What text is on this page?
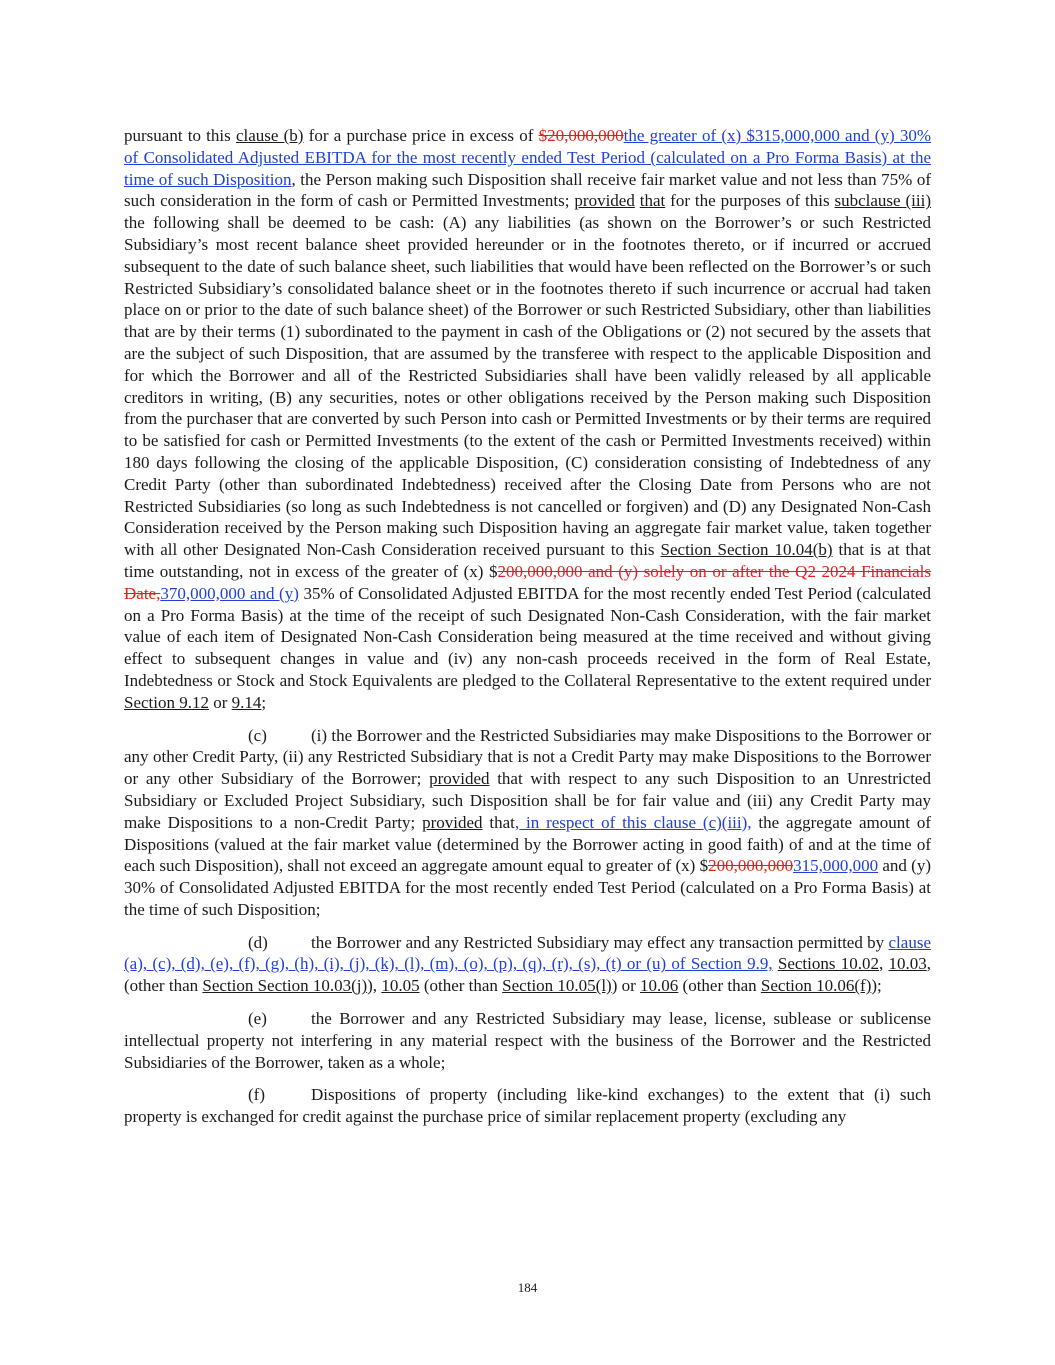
pursuant to this clause (b) for a purchase price in excess of $20,000,000the greater of (x) $315,000,000 and (y) 30% of Consolidated Adjusted EBITDA for the most recently ended Test Period (calculated on a Pro Forma Basis) at the time of such Disposition, the Person making such Disposition shall receive fair market value and not less than 75% of such consideration in the form of cash or Permitted Investments; provided that for the purposes of this subclause (iii) the following shall be deemed to be cash: (A) any liabilities (as shown on the Borrower’s or such Restricted Subsidiary’s most recent balance sheet provided hereunder or in the footnotes thereto, or if incurred or accrued subsequent to the date of such balance sheet, such liabilities that would have been reflected on the Borrower’s or such Restricted Subsidiary’s consolidated balance sheet or in the footnotes thereto if such incurrence or accrual had taken place on or prior to the date of such balance sheet) of the Borrower or such Restricted Subsidiary, other than liabilities that are by their terms (1) subordinated to the payment in cash of the Obligations or (2) not secured by the assets that are the subject of such Disposition, that are assumed by the transferee with respect to the applicable Disposition and for which the Borrower and all of the Restricted Subsidiaries shall have been validly released by all applicable creditors in writing, (B) any securities, notes or other obligations received by the Person making such Disposition from the purchaser that are converted by such Person into cash or Permitted Investments or by their terms are required to be satisfied for cash or Permitted Investments (to the extent of the cash or Permitted Investments received) within 180 days following the closing of the applicable Disposition, (C) consideration consisting of Indebtedness of any Credit Party (other than subordinated Indebtedness) received after the Closing Date from Persons who are not Restricted Subsidiaries (so long as such Indebtedness is not cancelled or forgiven) and (D) any Designated Non-Cash Consideration received by the Person making such Disposition having an aggregate fair market value, taken together with all other Designated Non-Cash Consideration received pursuant to this Section Section 10.04(b) that is at that time outstanding, not in excess of the greater of (x) $200,000,000 and (y) solely on or after the Q2 2024 Financials Date,370,000,000 and (y) 35% of Consolidated Adjusted EBITDA for the most recently ended Test Period (calculated on a Pro Forma Basis) at the time of the receipt of such Designated Non-Cash Consideration, with the fair market value of each item of Designated Non-Cash Consideration being measured at the time received and without giving effect to subsequent changes in value and (iv) any non-cash proceeds received in the form of Real Estate, Indebtedness or Stock and Stock Equivalents are pledged to the Collateral Representative to the extent required under Section 9.12 or 9.14;

(c)	(i) the Borrower and the Restricted Subsidiaries may make Dispositions to the Borrower or any other Credit Party, (ii) any Restricted Subsidiary that is not a Credit Party may make Dispositions to the Borrower or any other Subsidiary of the Borrower; provided that with respect to any such Disposition to an Unrestricted Subsidiary or Excluded Project Subsidiary, such Disposition shall be for fair value and (iii) any Credit Party may make Dispositions to a non-Credit Party; provided that, in respect of this clause (c)(iii), the aggregate amount of Dispositions (valued at the fair market value (determined by the Borrower acting in good faith) of and at the time of each such Disposition), shall not exceed an aggregate amount equal to greater of (x) $200,000,000315,000,000 and (y) 30% of Consolidated Adjusted EBITDA for the most recently ended Test Period (calculated on a Pro Forma Basis) at the time of such Disposition;

(d)	the Borrower and any Restricted Subsidiary may effect any transaction permitted by clause (a), (c), (d), (e), (f), (g), (h), (i), (j), (k), (l), (m), (o), (p), (q), (r), (s), (t) or (u) of Section 9.9, Sections 10.02, 10.03, (other than Section Section 10.03(j)), 10.05 (other than Section 10.05(l)) or 10.06 (other than Section 10.06(f));

(e)	the Borrower and any Restricted Subsidiary may lease, license, sublease or sublicense intellectual property not interfering in any material respect with the business of the Borrower and the Restricted Subsidiaries of the Borrower, taken as a whole;

(f)	Dispositions of property (including like-kind exchanges) to the extent that (i) such property is exchanged for credit against the purchase price of similar replacement property (excluding any

184
